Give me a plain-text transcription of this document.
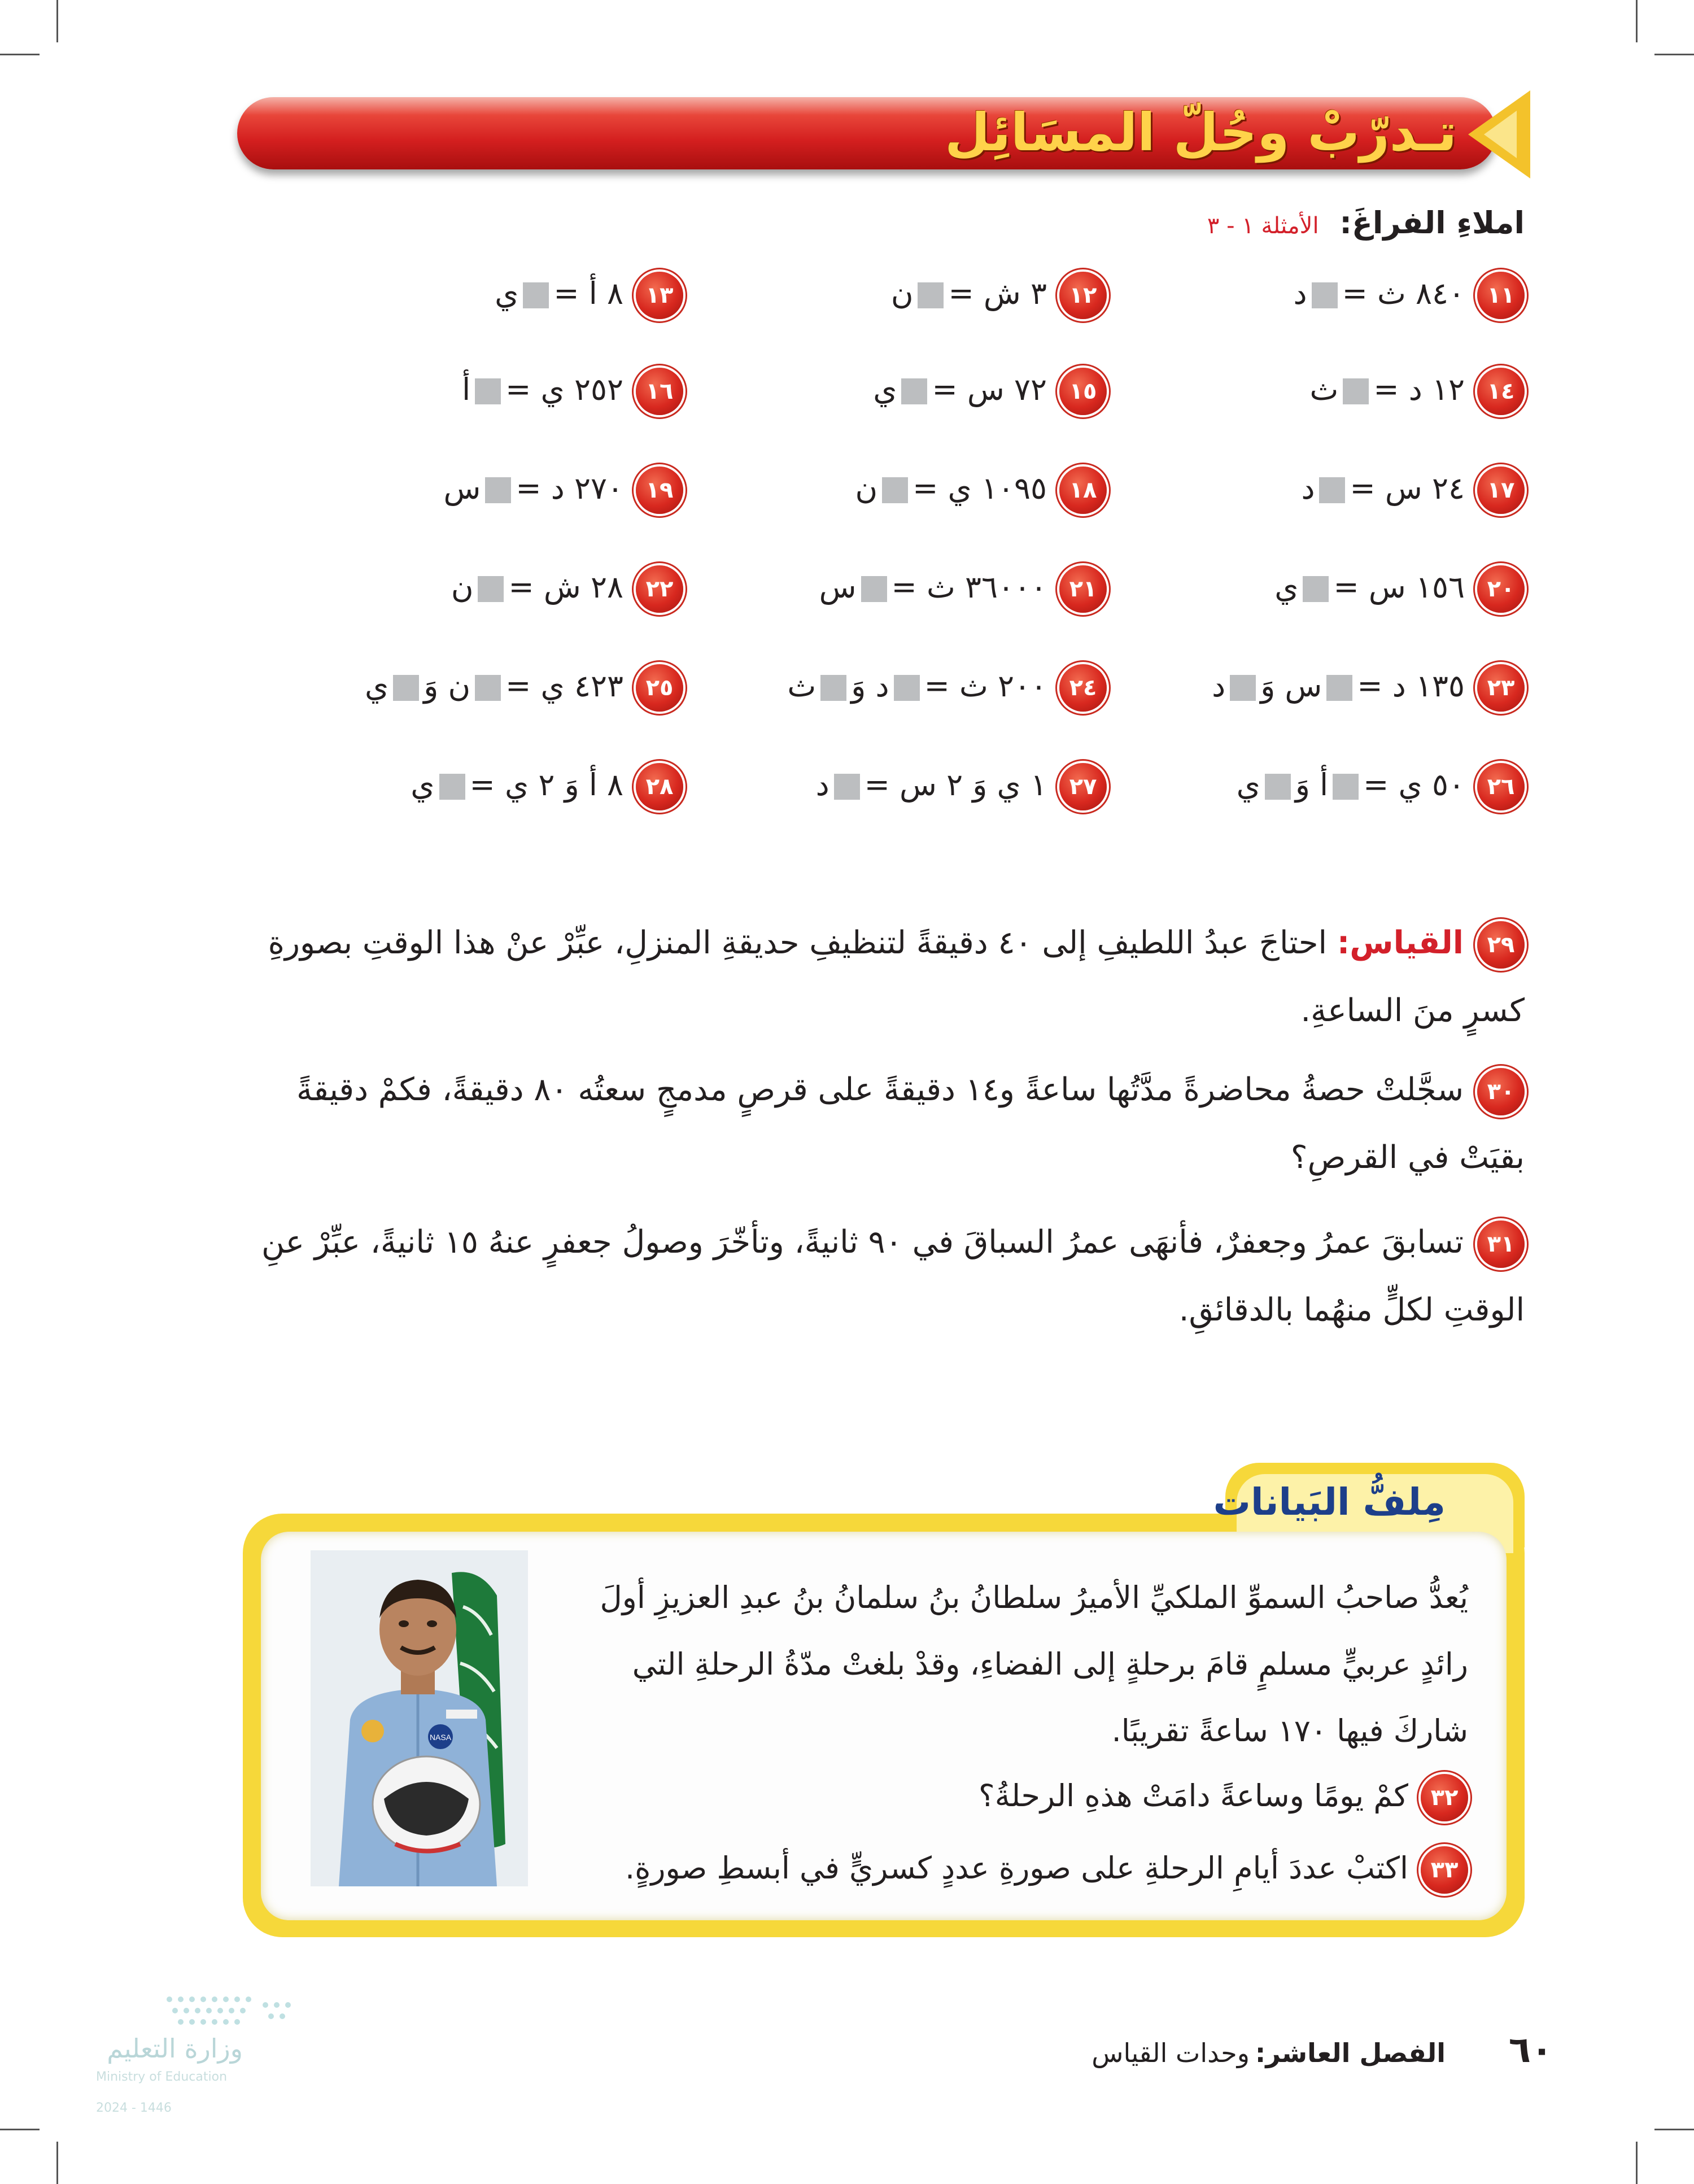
تـدرّبْ وحُلّ المسَائِل
املاءِ الفراغَ: الأمثلة ١ - ٣
١١٨٤٠ ث =د
١٢٣ ش =ن
١٣٨ أ =ي
١٤١٢ د =ث
١٥٧٢ س =ي
١٦٢٥٢ ي =أ
١٧٢٤ س =د
١٨١٠٩٥ ي =ن
١٩٢٧٠ د =س
٢٠١٥٦ س =ي
٢١٣٦٠٠٠ ث =س
٢٢٢٨ ش =ن
٢٣١٣٥ د =س وَد
٢٤٢٠٠ ث =د وَث
٢٥٤٢٣ ي =ن وَي
٢٦٥٠ ي =أ وَي
٢٧١ ي وَ ٢ س =د
٢٨٨ أ وَ ٢ ي =ي
٢٩القياس: احتاجَ عبدُ اللطيفِ إلى ٤٠ دقيقةً لتنظيفِ حديقةِ المنزلِ، عبِّرْ عنْ هذا الوقتِ بصورةِ كسرٍ منَ الساعةِ.
٣٠سجَّلتْ حصةُ محاضرةً مدَّتُها ساعةً و١٤ دقيقةً على قرصٍ مدمجٍ سعتُه ٨٠ دقيقةً، فكمْ دقيقةً بقيَتْ في القرصِ؟
٣١تسابقَ عمرُ وجعفرٌ، فأنهَى عمرُ السباقَ في ٩٠ ثانيةً، وتأخّرَ وصولُ جعفرٍ عنهُ ١٥ ثانيةً، عبِّرْ عنِ الوقتِ لكلٍّ منهُما بالدقائقِ.
مِلفُّ البَيانات
NASA
يُعدُّ صاحبُ السموِّ الملكيِّ الأميرُ سلطانُ بنُ سلمانُ بنُ عبدِ العزيزِ أولَ رائدٍ عربيٍّ مسلمٍ قامَ برحلةٍ إلى الفضاءِ، وقدْ بلغتْ مدّةُ الرحلةِ التي شاركَ فيها ١٧٠ ساعةً تقريبًا.
٣٢كمْ يومًا وساعةً دامَتْ هذهِ الرحلةُ؟
٣٣اكتبْ عددَ أيامِ الرحلةِ على صورةِ عددٍ كسريٍّ في أبسطِ صورةٍ.
وزارة التعليم
Ministry of Education
2024 - 1446
الفصل العاشر:وحدات القياس	٦٠
